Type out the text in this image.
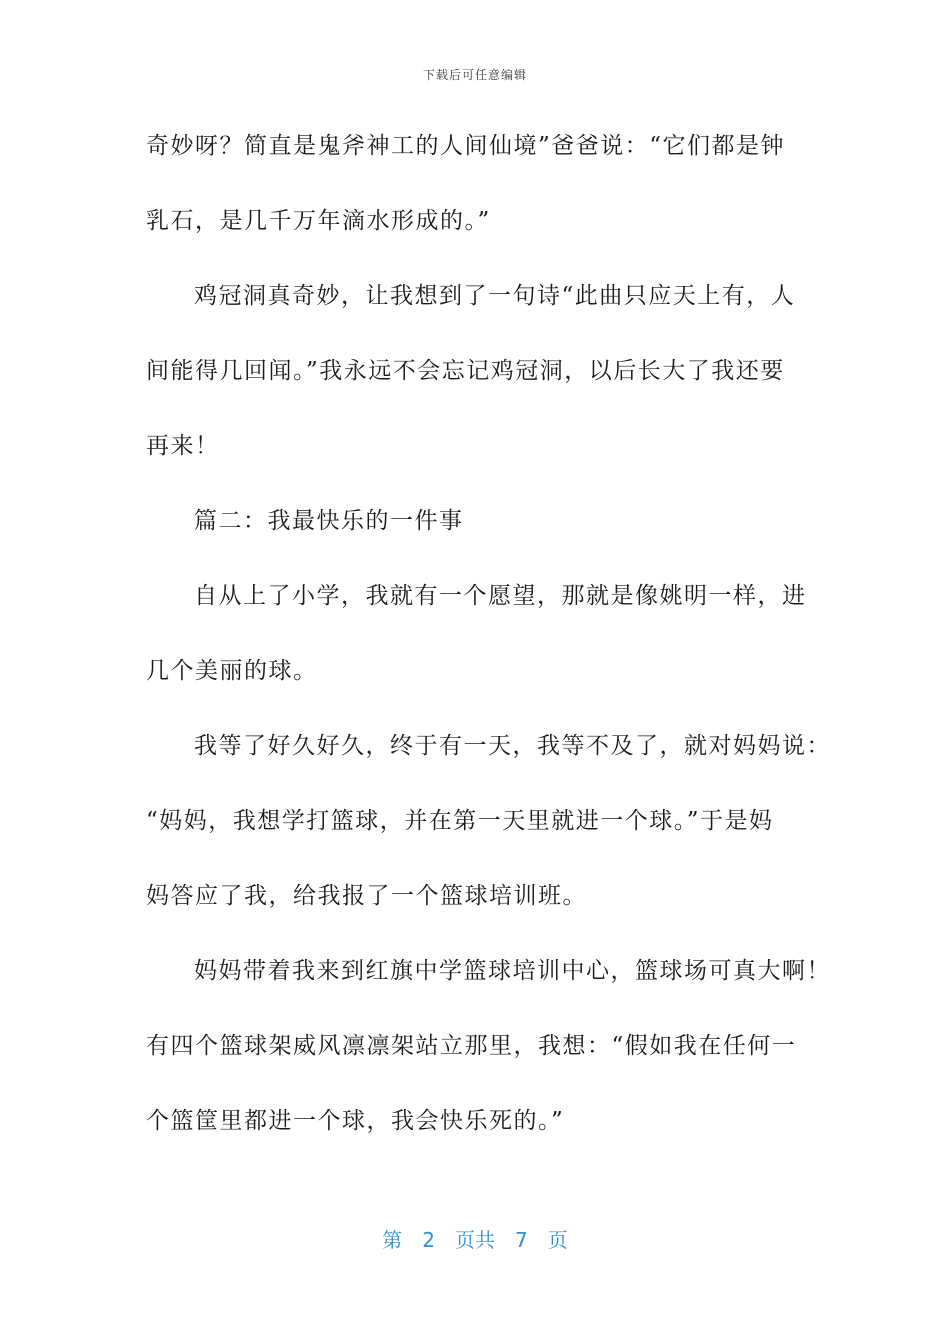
下载后可任意编辑
奇妙呀？简直是鬼斧神工的人间仙境”爸爸说：“它们都是钟
乳石，是几千万年滴水形成的。”
鸡冠洞真奇妙，让我想到了一句诗“此曲只应天上有，人
间能得几回闻。”我永远不会忘记鸡冠洞，以后长大了我还要
再来！
篇二：我最快乐的一件事
自从上了小学，我就有一个愿望，那就是像姚明一样，进
几个美丽的球。
我等了好久好久，终于有一天，我等不及了，就对妈妈说：
“妈妈，我想学打篮球，并在第一天里就进一个球。”于是妈
妈答应了我，给我报了一个篮球培训班。
妈妈带着我来到红旗中学篮球培训中心，篮球场可真大啊！
有四个篮球架威风凛凛架站立那里，我想：“假如我在任何一
个篮筐里都进一个球，我会快乐死的。”
第 2 页共 7 页
